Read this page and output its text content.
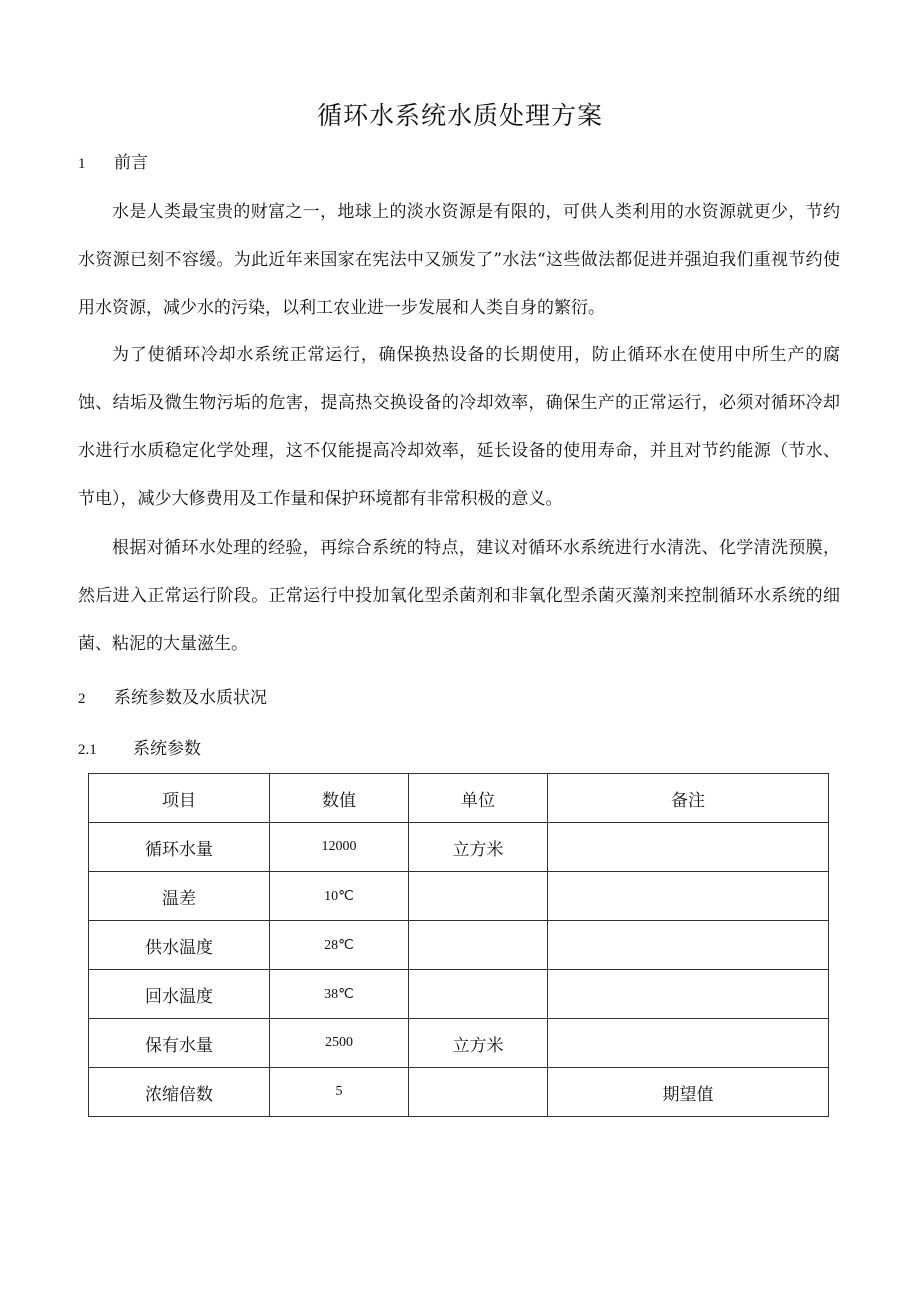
循环水系统水质处理方案
1 前言

水是人类最宝贵的财富之一，地球上的淡水资源是有限的，可供人类利用的水资源就更少，节约水资源已刻不容缓。为此近年来国家在宪法中又颁发了”水法“这些做法都促进并强迫我们重视节约使用水资源，减少水的污染，以利工农业进一步发展和人类自身的繁衍。

为了使循环冷却水系统正常运行，确保换热设备的长期使用，防止循环水在使用中所生产的腐蚀、结垢及微生物污垢的危害，提高热交换设备的冷却效率，确保生产的正常运行，必须对循环冷却水进行水质稳定化学处理，这不仅能提高冷却效率，延长设备的使用寿命，并且对节约能源（节水、节电），减少大修费用及工作量和保护环境都有非常积极的意义。

根据对循环水处理的经验，再综合系统的特点，建议对循环水系统进行水清洗、化学清洗预膜，然后进入正常运行阶段。正常运行中投加氧化型杀菌剂和非氧化型杀菌灭藻剂来控制循环水系统的细菌、粘泥的大量滋生。

2 系统参数及水质状况
2.1 系统参数
项目	数值	单位	备注
循环水量	12000	立方米	
温差	10℃		
供水温度	28℃		
回水温度	38℃		
保有水量	2500	立方米	
浓缩倍数	5		期望值
